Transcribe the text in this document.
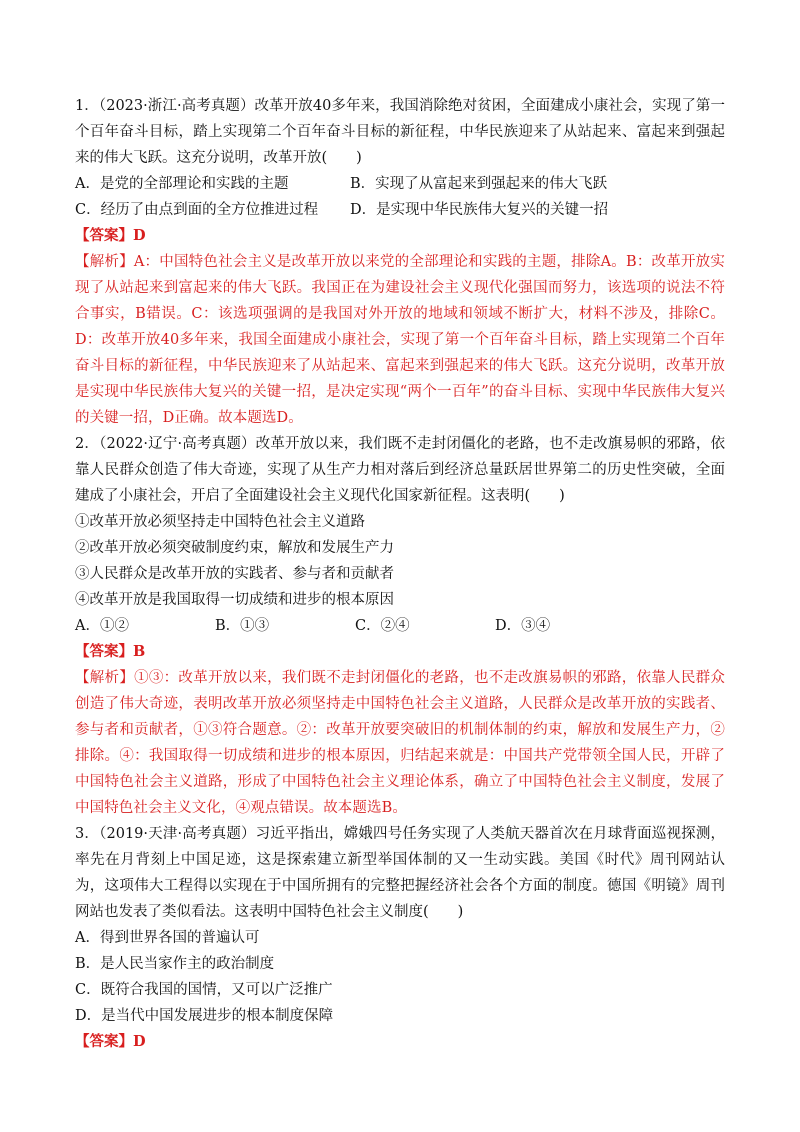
1．（2023·浙江·高考真题）改革开放40多年来，我国消除绝对贫困，全面建成小康社会，实现了第一个百年奋斗目标，踏上实现第二个百年奋斗目标的新征程，中华民族迎来了从站起来、富起来到强起来的伟大飞跃。这充分说明，改革开放(　　)

A．是党的全部理论和实践的主题	B．实现了从富起来到强起来的伟大飞跃
C．经历了由点到面的全方位推进过程	D．是实现中华民族伟大复兴的关键一招

【答案】D

【解析】A：中国特色社会主义是改革开放以来党的全部理论和实践的主题，排除A。B：改革开放实现了从站起来到富起来的伟大飞跃。我国正在为建设社会主义现代化强国而努力，该选项的说法不符合事实，B错误。C：该选项强调的是我国对外开放的地域和领域不断扩大，材料不涉及，排除C。D：改革开放40多年来，我国全面建成小康社会，实现了第一个百年奋斗目标，踏上实现第二个百年奋斗目标的新征程，中华民族迎来了从站起来、富起来到强起来的伟大飞跃。这充分说明，改革开放是实现中华民族伟大复兴的关键一招，是决定实现“两个一百年”的奋斗目标、实现中华民族伟大复兴的关键一招，D正确。故本题选D。

2．（2022·辽宁·高考真题）改革开放以来，我们既不走封闭僵化的老路，也不走改旗易帜的邪路，依靠人民群众创造了伟大奇迹，实现了从生产力相对落后到经济总量跃居世界第二的历史性突破，全面建成了小康社会，开启了全面建设社会主义现代化国家新征程。这表明(　　)

①改革开放必须坚持走中国特色社会主义道路

②改革开放必须突破制度约束，解放和发展生产力

③人民群众是改革开放的实践者、参与者和贡献者

④改革开放是我国取得一切成绩和进步的根本原因

A．①②	B．①③	C．②④	D．③④

【答案】B

【解析】①③：改革开放以来，我们既不走封闭僵化的老路，也不走改旗易帜的邪路，依靠人民群众创造了伟大奇迹，表明改革开放必须坚持走中国特色社会主义道路，人民群众是改革开放的实践者、参与者和贡献者，①③符合题意。②：改革开放要突破旧的机制体制的约束，解放和发展生产力，②排除。④：我国取得一切成绩和进步的根本原因，归结起来就是：中国共产党带领全国人民，开辟了中国特色社会主义道路，形成了中国特色社会主义理论体系，确立了中国特色社会主义制度，发展了中国特色社会主义文化，④观点错误。故本题选B。

3．（2019·天津·高考真题）习近平指出，嫦娥四号任务实现了人类航天器首次在月球背面巡视探测，率先在月背刻上中国足迹，这是探索建立新型举国体制的又一生动实践。美国《时代》周刊网站认为，这项伟大工程得以实现在于中国所拥有的完整把握经济社会各个方面的制度。德国《明镜》周刊网站也发表了类似看法。这表明中国特色社会主义制度(　　)

A．得到世界各国的普遍认可

B．是人民当家作主的政治制度

C．既符合我国的国情，又可以广泛推广

D．是当代中国发展进步的根本制度保障

【答案】D
